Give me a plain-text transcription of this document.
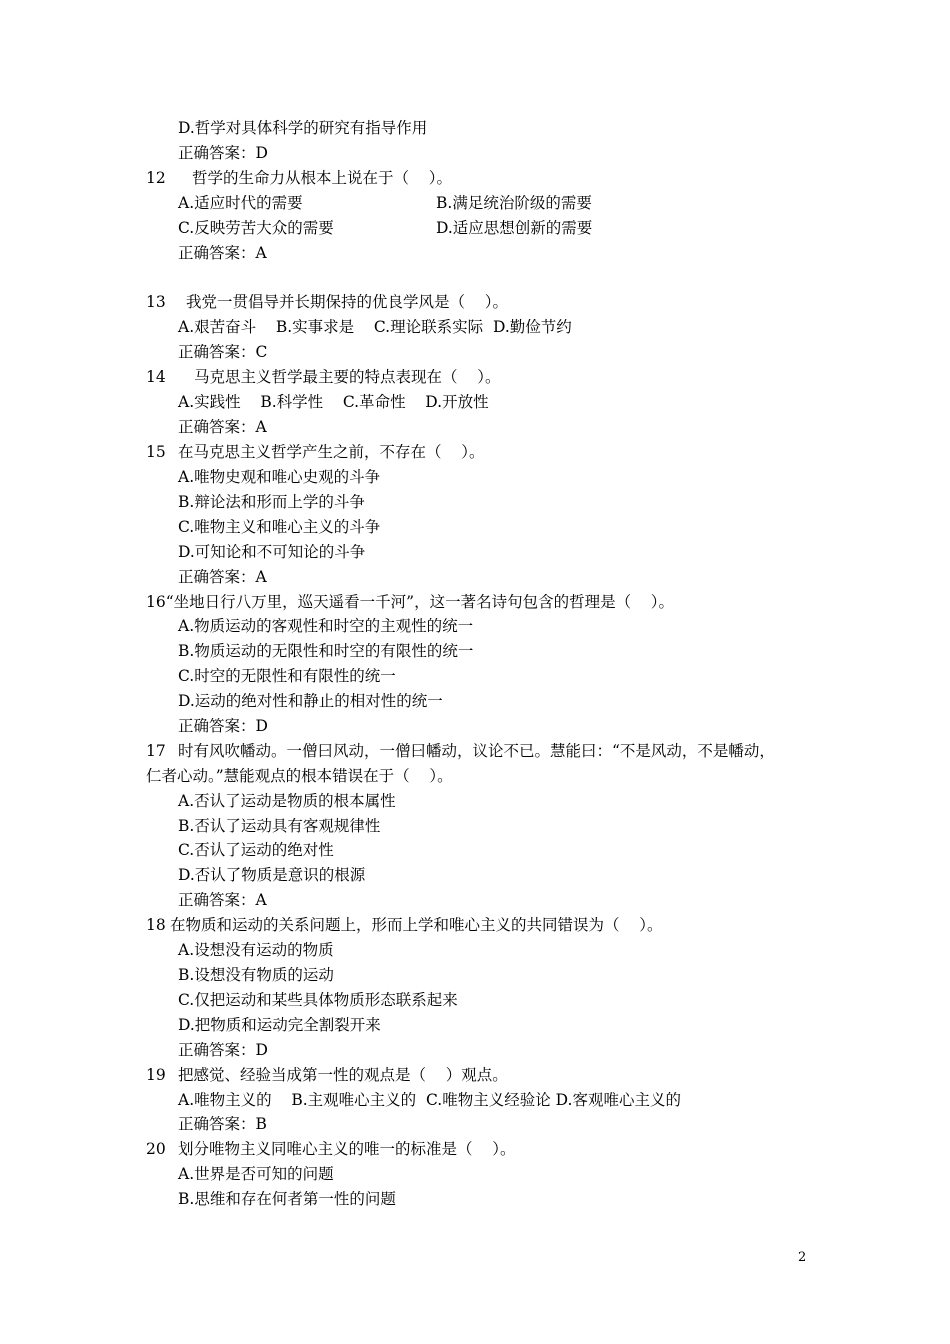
D.哲学对具体科学的研究有指导作用
正确答案：D
12 哲学的生命力从根本上说在于（    ）。
A.适应时代的需要	B.满足统治阶级的需要
C.反映劳苦大众的需要	D.适应思想创新的需要
正确答案：A
13 我党一贯倡导并长期保持的优良学风是（    ）。
A.艰苦奋斗    B.实事求是    C.理论联系实际  D.勤俭节约
正确答案：C
14 马克思主义哲学最主要的特点表现在（    ）。
A.实践性    B.科学性    C.革命性    D.开放性
正确答案：A
15 在马克思主义哲学产生之前，不存在（    ）。
A.唯物史观和唯心史观的斗争
B.辩论法和形而上学的斗争
C.唯物主义和唯心主义的斗争
D.可知论和不可知论的斗争
正确答案：A
16“坐地日行八万里，巡天遥看一千河”，这一著名诗句包含的哲理是（    ）。
A.物质运动的客观性和时空的主观性的统一
B.物质运动的无限性和时空的有限性的统一
C.时空的无限性和有限性的统一
D.运动的绝对性和静止的相对性的统一
正确答案：D
17 时有风吹幡动。一僧曰风动，一僧曰幡动，议论不已。慧能曰：“不是风动，不是幡动，
仁者心动。”慧能观点的根本错误在于（    ）。
A.否认了运动是物质的根本属性
B.否认了运动具有客观规律性
C.否认了运动的绝对性
D.否认了物质是意识的根源
正确答案：A
18 在物质和运动的关系问题上，形而上学和唯心主义的共同错误为（    ）。
A.设想没有运动的物质
B.设想没有物质的运动
C.仅把运动和某些具体物质形态联系起来
D.把物质和运动完全割裂开来
正确答案：D
19 把感觉、经验当成第一性的观点是（    ）观点。
A.唯物主义的    B.主观唯心主义的  C.唯物主义经验论 D.客观唯心主义的
正确答案：B
20 划分唯物主义同唯心主义的唯一的标准是（    ）。
A.世界是否可知的问题
B.思维和存在何者第一性的问题
2
